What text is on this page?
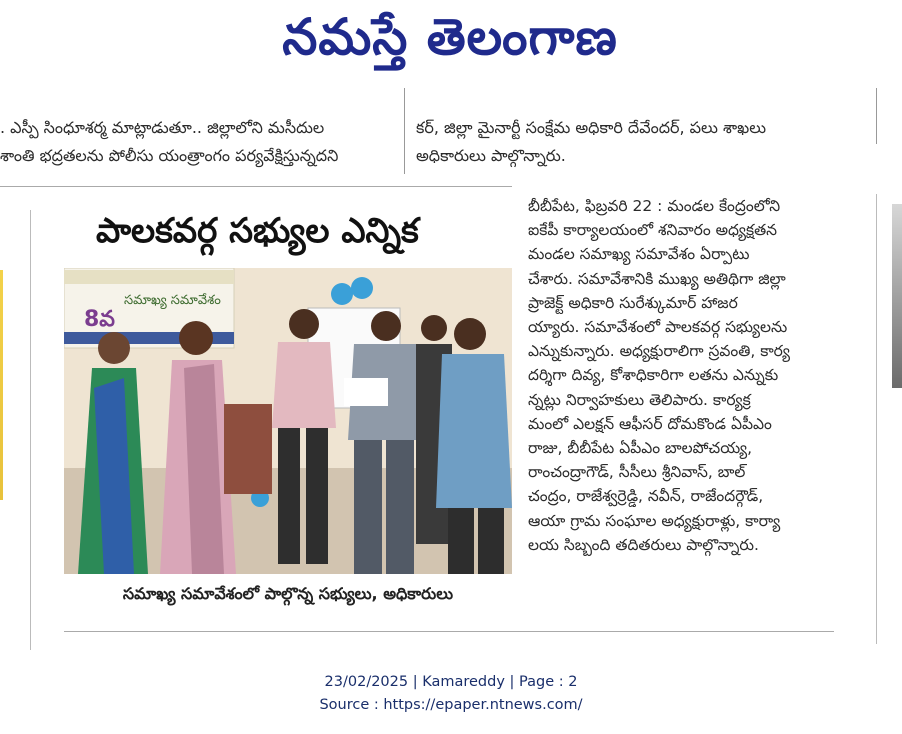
నమస్తే తెలంగాణ

. ఎస్పీ సింధూశర్మ మాట్లాడుతూ.. జిల్లాలోని మసీదుల

శాంతి భద్రతలను పోలీసు యంత్రాంగం పర్యవేక్షిస్తున్నదని

కర్, జిల్లా మైనార్టీ సంక్షేమ అధికారి దేవేందర్, పలు శాఖలు

అధికారులు పాల్గొన్నారు.

పాలకవర్గ సభ్యుల ఎన్నిక
8వ
సమాఖ్య సమావేశం
సమాఖ్య సమావేశంలో పాల్గొన్న సభ్యులు, అధికారులు

బీబీపేట, ఫిబ్రవరి 22 : మండల కేంద్రంలోని

ఐకేపీ కార్యాలయంలో శనివారం అధ్యక్షతన

మండల సమాఖ్య సమావేశం ఏర్పాటు

చేశారు. సమావేశానికి ముఖ్య అతిథిగా జిల్లా

ప్రాజెక్ట్ అధికారి సురేశ్కుమార్ హాజర

య్యారు. సమావేశంలో పాలకవర్గ సభ్యులను

ఎన్నుకున్నారు. అధ్యక్షురాలిగా స్రవంతి, కార్య

దర్శిగా దివ్య, కోశాధికారిగా లతను ఎన్నుకు

న్నట్లు నిర్వాహకులు తెలిపారు. కార్యక్ర

మంలో ఎలక్షన్ ఆఫీసర్ దోమకొండ ఏపీఎం

రాజు, బీబీపేట ఏపీఎం బాలపోచయ్య,

రాంచంద్రాగౌడ్, సీసీలు శ్రీనివాస్, బాల్

చంద్రం, రాజేశ్వర్రెడ్డి, నవీన్, రాజేందర్గౌడ్,

ఆయా గ్రామ సంఘాల అధ్యక్షురాళ్లు, కార్యా

లయ సిబ్బంది తదితరులు పాల్గొన్నారు.

23/02/2025 | Kamareddy | Page : 2
Source : https://epaper.ntnews.com/
